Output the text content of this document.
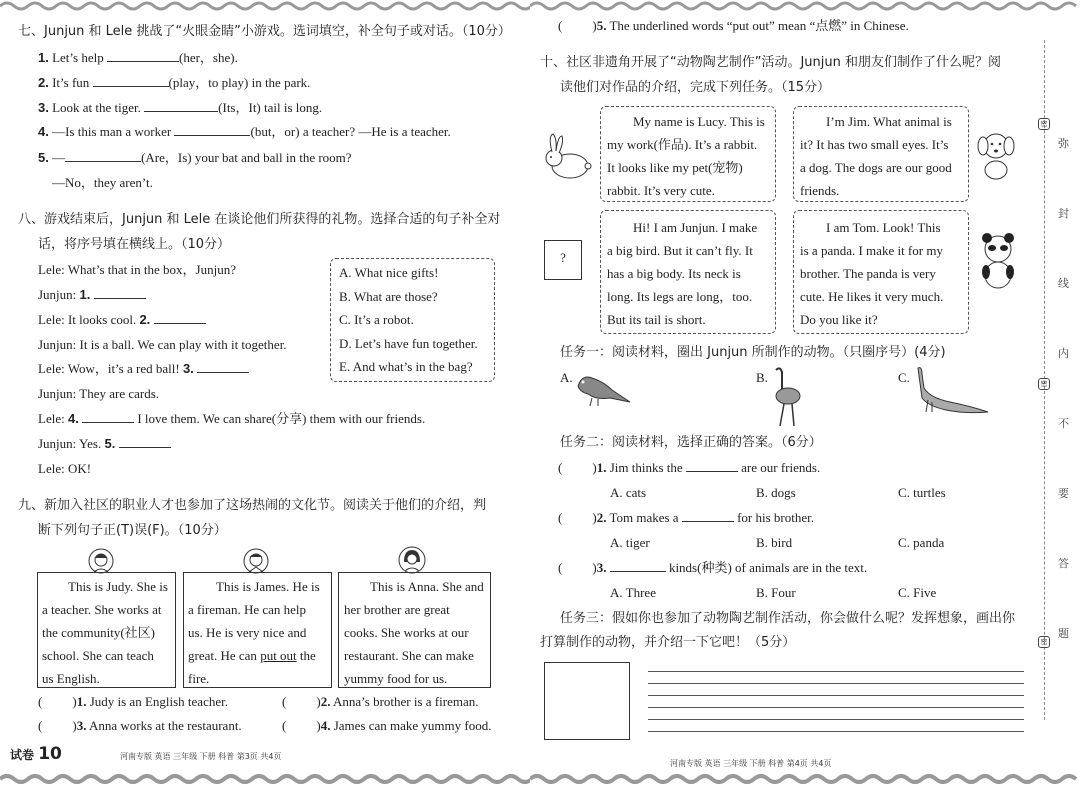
七、Junjun 和 Lele 挑战了“火眼金睛”小游戏。选词填空，补全句子或对话。（10分）
1. Let’s help	(her，she).
2. It’s fun	(play，to play) in the park.
3. Look at the tiger.	(Its，It) tail is long.
4. —Is this man a worker	(but，or) a teacher? —He is a teacher.
5. —	(Are，Is) your bat and ball in the room?
—No，they aren’t.
八、游戏结束后，Junjun 和 Lele 在谈论他们所获得的礼物。选择合适的句子补全对
话，将序号填在横线上。（10分）
Lele: What’s that in the box，Junjun?
Junjun: 1.
Lele: It looks cool. 2.
Junjun: It is a ball. We can play with it together.
Lele: Wow，it’s a red ball! 3.
Junjun: They are cards.
Lele: 4.	I love them. We can share(分享) them with our friends.
Junjun: Yes. 5.
Lele: OK!
A. What nice gifts!
B. What are those?
C. It’s a robot.
D. Let’s have fun together.
E. And what’s in the bag?
九、新加入社区的职业人才也参加了这场热闹的文化节。阅读关于他们的介绍，判
断下列句子正(T)误(F)。（10分）
This is Judy. She is
a teacher. She works at
the community(社区)
school. She can teach
us English.
This is James. He is
a fireman. He can help
us. He is very nice and
great. He can put out the
fire.
This is Anna. She and
her brother are great
cooks. She works at our
restaurant. She can make
yummy food for us.
( )1. Judy is an English teacher.	( )2. Anna’s brother is a fireman.
( )3. Anna works at the restaurant.	( )4. James can make yummy food.
试卷 10	河南专版 英语 三年级 下册 科普 第3页 共4页
( )5. The underlined words “put out” mean “点燃” in Chinese.
十、社区非遗角开展了“动物陶艺制作”活动。Junjun 和朋友们制作了什么呢？阅
读他们对作品的介绍，完成下列任务。（15分）
My name is Lucy. This is
my work(作品). It’s a rabbit.
It looks like my pet(宠物)
rabbit. It’s very cute.
I’m Jim. What animal is
it? It has two small eyes. It’s
a dog. The dogs are our good
friends.
Hi! I am Junjun. I make
a big bird. But it can’t fly. It
has a big body. Its neck is
long. Its legs are long，too.
But its tail is short.
I am Tom. Look! This
is a panda. I make it for my
brother. The panda is very
cute. He likes it very much.
Do you like it?
?
任务一：阅读材料，圈出 Junjun 所制作的动物。（只圈序号）(4分)
A.	B.	C.
任务二：阅读材料，选择正确的答案。（6分）
( )1. Jim thinks the	are our friends.
A. cats	B. dogs	C. turtles
( )2. Tom makes a	for his brother.
A. tiger	B. bird	C. panda
( )3.	kinds(种类) of animals are in the text.
A. Three	B. Four	C. Five
任务三：假如你也参加了动物陶艺制作活动，你会做什么呢？发挥想象，画出你
打算制作的动物，并介绍一下它吧！（5分）
河南专版 英语 三年级 下册 科普 第4页 共4页
密
密
密
弥
封
线
内
不
要
答
题
